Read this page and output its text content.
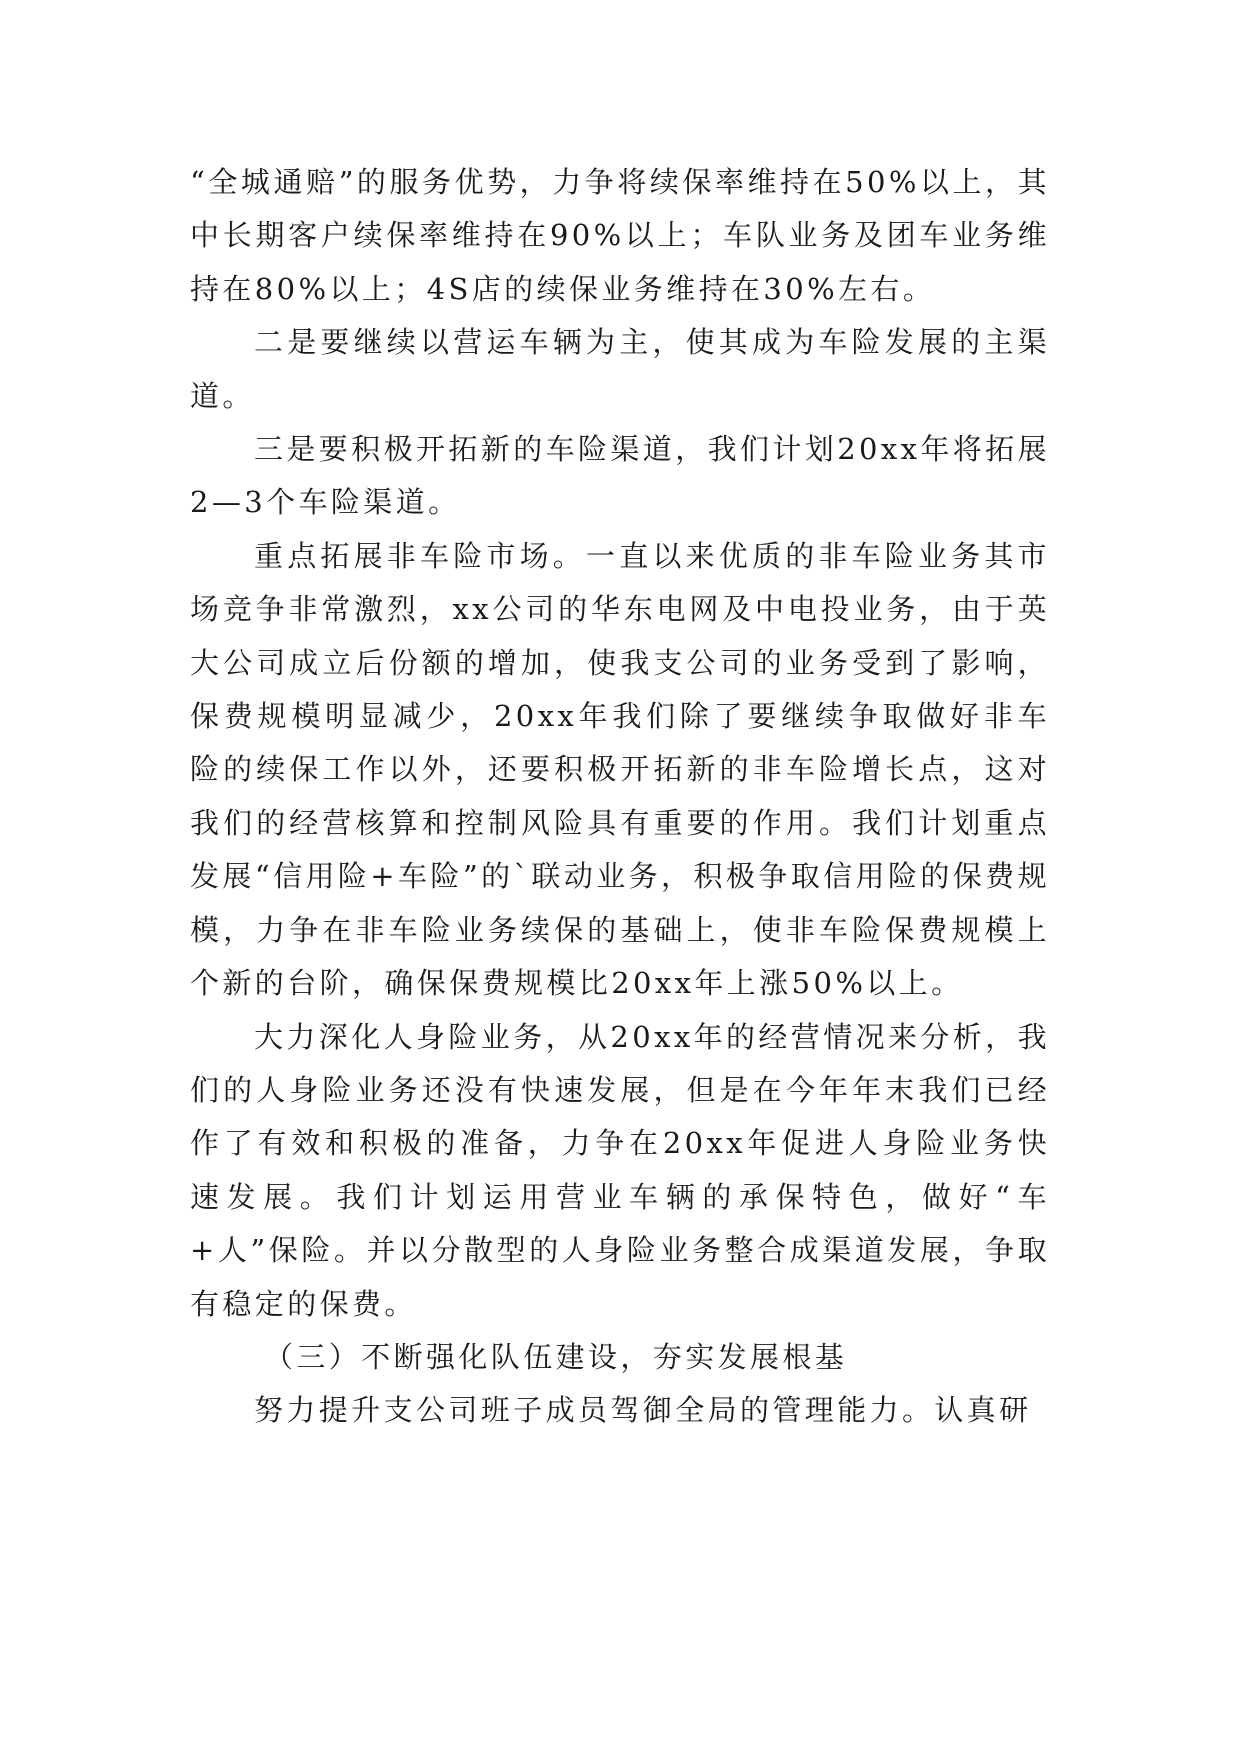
“全城通赔”的服务优势，力争将续保率维持在50%以上，其中长期客户续保率维持在90%以上；车队业务及团车业务维持在80%以上；4S店的续保业务维持在30%左右。

二是要继续以营运车辆为主，使其成为车险发展的主渠道。

三是要积极开拓新的车险渠道，我们计划20xx年将拓展2—3个车险渠道。

重点拓展非车险市场。一直以来优质的非车险业务其市场竞争非常激烈，xx公司的华东电网及中电投业务，由于英大公司成立后份额的增加，使我支公司的业务受到了影响，保费规模明显减少，20xx年我们除了要继续争取做好非车险的续保工作以外，还要积极开拓新的非车险增长点，这对我们的经营核算和控制风险具有重要的作用。我们计划重点发展“信用险+车险”的`联动业务，积极争取信用险的保费规模，力争在非车险业务续保的基础上，使非车险保费规模上个新的台阶，确保保费规模比20xx年上涨50%以上。

大力深化人身险业务，从20xx年的经营情况来分析，我们的人身险业务还没有快速发展，但是在今年年末我们已经作了有效和积极的准备，力争在20xx年促进人身险业务快速发展。我们计划运用营业车辆的承保特色，做好“车+人”保险。并以分散型的人身险业务整合成渠道发展，争取有稳定的保费。

（三）不断强化队伍建设，夯实发展根基

努力提升支公司班子成员驾御全局的管理能力。认真研
